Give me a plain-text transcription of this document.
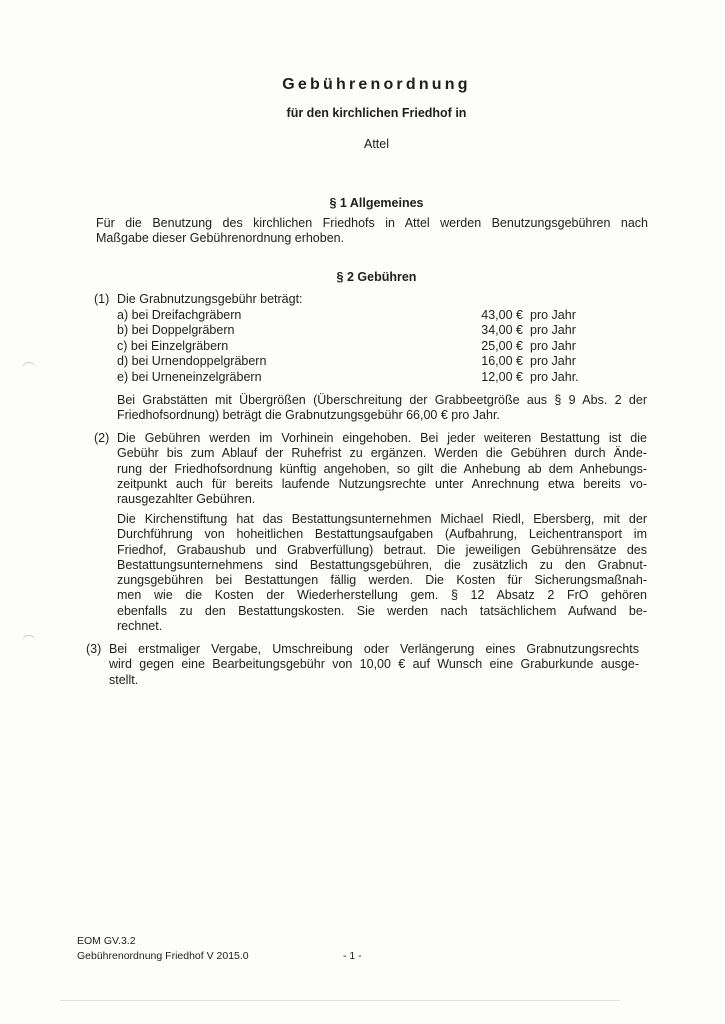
Gebührenordnung
für den kirchlichen Friedhof in
Attel
§ 1 Allgemeines
Für die Benutzung des kirchlichen Friedhofs in Attel werden Benutzungsgebühren nach
Maßgabe dieser Gebührenordnung erhoben.
§ 2 Gebühren
(1) Die Grabnutzungsgebühr beträgt:
a) bei Dreifachgräbern	43,00 € pro Jahr
b) bei Doppelgräbern	34,00 € pro Jahr
c) bei Einzelgräbern	25,00 € pro Jahr
d) bei Urnendoppelgräbern	16,00 € pro Jahr
e) bei Urneneinzelgräbern	12,00 € pro Jahr.
Bei Grabstätten mit Übergrößen (Überschreitung der Grabbeetgröße aus § 9 Abs. 2 der
Friedhofsordnung) beträgt die Grabnutzungsgebühr 66,00 € pro Jahr.
(2) Die Gebühren werden im Vorhinein eingehoben. Bei jeder weiteren Bestattung ist die
Gebühr bis zum Ablauf der Ruhefrist zu ergänzen. Werden die Gebühren durch Ände-
rung der Friedhofsordnung künftig angehoben, so gilt die Anhebung ab dem Anhebungs-
zeitpunkt auch für bereits laufende Nutzungsrechte unter Anrechnung etwa bereits vo-
rausgezahlter Gebühren.
Die Kirchenstiftung hat das Bestattungsunternehmen Michael Riedl, Ebersberg, mit der
Durchführung von hoheitlichen Bestattungsaufgaben (Aufbahrung, Leichentransport im
Friedhof, Grabaushub und Grabverfüllung) betraut. Die jeweiligen Gebührensätze des
Bestattungsunternehmens sind Bestattungsgebühren, die zusätzlich zu den Grabnut-
zungsgebühren bei Bestattungen fällig werden. Die Kosten für Sicherungsmaßnah-
men wie die Kosten der Wiederherstellung gem. § 12 Absatz 2 FrO gehören
ebenfalls zu den Bestattungskosten. Sie werden nach tatsächlichem Aufwand be-
rechnet.
(3) Bei erstmaliger Vergabe, Umschreibung oder Verlängerung eines Grabnutzungsrechts
wird gegen eine Bearbeitungsgebühr von 10,00 € auf Wunsch eine Graburkunde ausge-
stellt.
EOM GV.3.2
Gebührenordnung Friedhof V 2015.0	- 1 -
